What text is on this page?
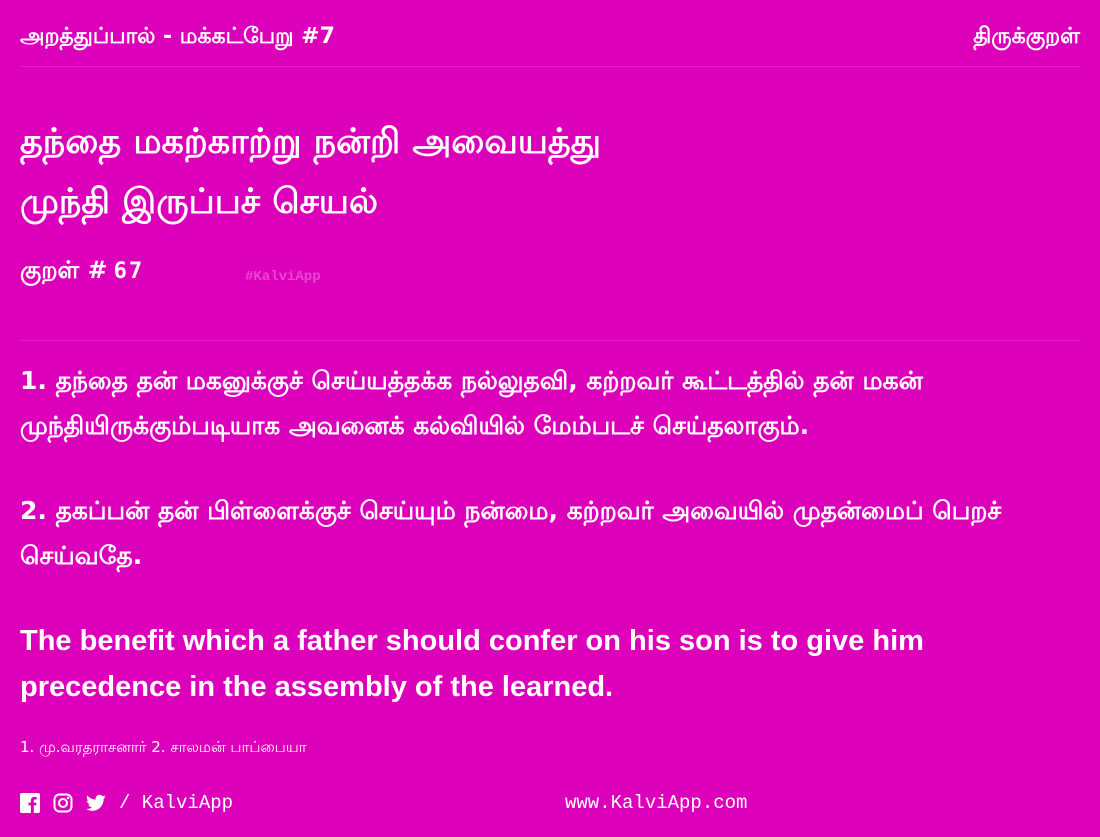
அறத்துப்பால் - மக்கட்பேறு #7	திருக்குறள்
தந்தை மகற்காற்று நன்றி அவையத்து
முந்தி இருப்பச் செயல்
குறள் # 67	#KalviApp
1. தந்தை தன் மகனுக்குச் செய்யத்தக்க நல்லுதவி, கற்றவர் கூட்டத்தில் தன் மகன் முந்தியிருக்கும்படியாக அவனைக் கல்வியில் மேம்படச் செய்தலாகும்.
2. தகப்பன் தன் பிள்ளைக்குச் செய்யும் நன்மை, கற்றவர் அவையில் முதன்மைப் பெறச் செய்வதே.
The benefit which a father should confer on his son is to give him precedence in the assembly of the learned.
1. மு.வரதராசனார் 2. சாலமன் பாப்பையா
/ KalviApp	www.KalviApp.com
